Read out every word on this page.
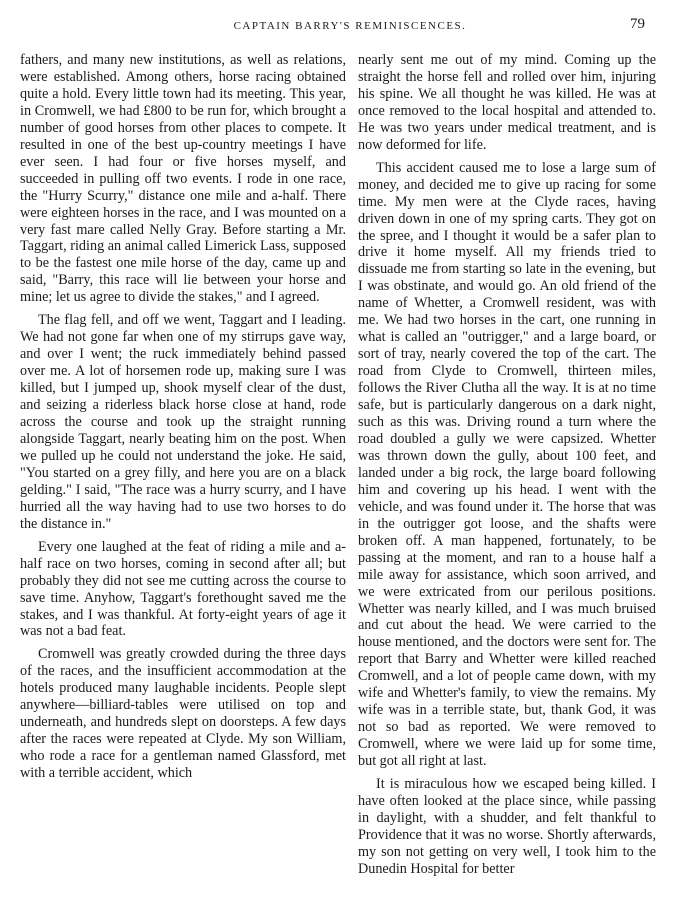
CAPTAIN BARRY'S REMINISCENCES.	79

fathers, and many new institutions, as well as relations, were established. Among others, horse racing obtained quite a hold. Every little town had its meeting. This year, in Cromwell, we had £800 to be run for, which brought a number of good horses from other places to compete. It resulted in one of the best up-country meetings I have ever seen. I had four or five horses myself, and succeeded in pulling off two events. I rode in one race, the "Hurry Scurry," distance one mile and a-half. There were eighteen horses in the race, and I was mounted on a very fast mare called Nelly Gray. Before starting a Mr. Taggart, riding an animal called Limerick Lass, supposed to be the fastest one mile horse of the day, came up and said, "Barry, this race will lie between your horse and mine; let us agree to divide the stakes," and I agreed.

The flag fell, and off we went, Taggart and I leading. We had not gone far when one of my stirrups gave way, and over I went; the ruck immediately behind passed over me. A lot of horsemen rode up, making sure I was killed, but I jumped up, shook myself clear of the dust, and seizing a riderless black horse close at hand, rode across the course and took up the straight running alongside Taggart, nearly beating him on the post. When we pulled up he could not understand the joke. He said, "You started on a grey filly, and here you are on a black gelding." I said, "The race was a hurry scurry, and I have hurried all the way having had to use two horses to do the distance in."

Every one laughed at the feat of riding a mile and a-half race on two horses, coming in second after all; but probably they did not see me cutting across the course to save time. Anyhow, Taggart's forethought saved me the stakes, and I was thankful. At forty-eight years of age it was not a bad feat.

Cromwell was greatly crowded during the three days of the races, and the insufficient accommodation at the hotels produced many laughable incidents. People slept anywhere—billiard-tables were utilised on top and underneath, and hundreds slept on doorsteps. A few days after the races were repeated at Clyde. My son William, who rode a race for a gentleman named Glassford, met with a terrible accident, which

nearly sent me out of my mind. Coming up the straight the horse fell and rolled over him, injuring his spine. We all thought he was killed. He was at once removed to the local hospital and attended to. He was two years under medical treatment, and is now deformed for life.

This accident caused me to lose a large sum of money, and decided me to give up racing for some time. My men were at the Clyde races, having driven down in one of my spring carts. They got on the spree, and I thought it would be a safer plan to drive it home myself. All my friends tried to dissuade me from starting so late in the evening, but I was obstinate, and would go. An old friend of the name of Whetter, a Cromwell resident, was with me. We had two horses in the cart, one running in what is called an "outrigger," and a large board, or sort of tray, nearly covered the top of the cart. The road from Clyde to Cromwell, thirteen miles, follows the River Clutha all the way. It is at no time safe, but is particularly dangerous on a dark night, such as this was. Driving round a turn where the road doubled a gully we were capsized. Whetter was thrown down the gully, about 100 feet, and landed under a big rock, the large board following him and covering up his head. I went with the vehicle, and was found under it. The horse that was in the outrigger got loose, and the shafts were broken off. A man happened, fortunately, to be passing at the moment, and ran to a house half a mile away for assistance, which soon arrived, and we were extricated from our perilous positions. Whetter was nearly killed, and I was much bruised and cut about the head. We were carried to the house mentioned, and the doctors were sent for. The report that Barry and Whetter were killed reached Cromwell, and a lot of people came down, with my wife and Whetter's family, to view the remains. My wife was in a terrible state, but, thank God, it was not so bad as reported. We were removed to Cromwell, where we were laid up for some time, but got all right at last.

It is miraculous how we escaped being killed. I have often looked at the place since, while passing in daylight, with a shudder, and felt thankful to Providence that it was no worse. Shortly afterwards, my son not getting on very well, I took him to the Dunedin Hospital for better
